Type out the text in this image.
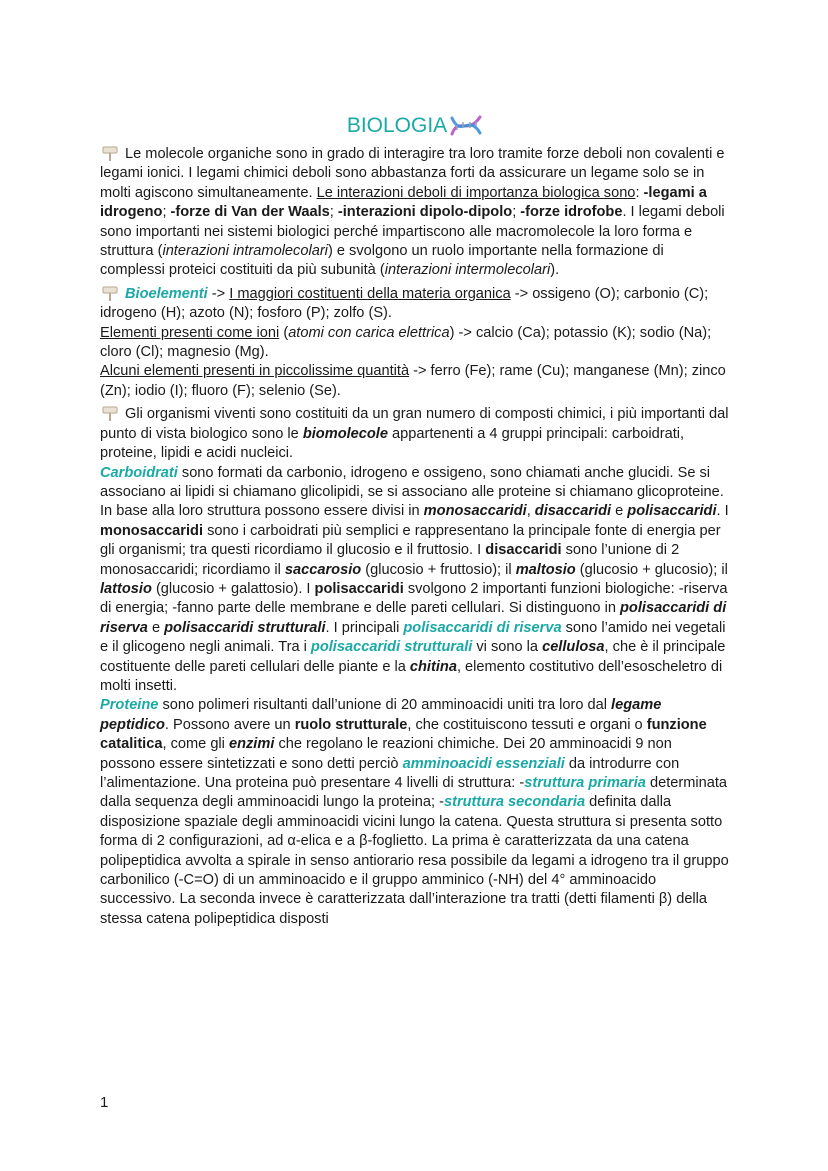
BIOLOGIA
Le molecole organiche sono in grado di interagire tra loro tramite forze deboli non covalenti e legami ionici. I legami chimici deboli sono abbastanza forti da assicurare un legame solo se in molti agiscono simultaneamente. Le interazioni deboli di importanza biologica sono: -legami a idrogeno; -forze di Van der Waals; -interazioni dipolo-dipolo; -forze idrofobe. I legami deboli sono importanti nei sistemi biologici perché impartiscono alle macromolecole la loro forma e struttura (interazioni intramolecolari) e svolgono un ruolo importante nella formazione di complessi proteici costituiti da più subunità (interazioni intermolecolari).
Bioelementi -> I maggiori costituenti della materia organica -> ossigeno (O); carbonio (C); idrogeno (H); azoto (N); fosforo (P); zolfo (S).
Elementi presenti come ioni (atomi con carica elettrica) -> calcio (Ca); potassio (K); sodio (Na); cloro (Cl); magnesio (Mg).
Alcuni elementi presenti in piccolissime quantità -> ferro (Fe); rame (Cu); manganese (Mn); zinco (Zn); iodio (I); fluoro (F); selenio (Se).
Gli organismi viventi sono costituiti da un gran numero di composti chimici, i più importanti dal punto di vista biologico sono le biomolecole appartenenti a 4 gruppi principali: carboidrati, proteine, lipidi e acidi nucleici.
Carboidrati sono formati da carbonio, idrogeno e ossigeno, sono chiamati anche glucidi. Se si associano ai lipidi si chiamano glicolipidi, se si associano alle proteine si chiamano glicoproteine. In base alla loro struttura possono essere divisi in monosaccaridi, disaccaridi e polisaccaridi. I monosaccaridi sono i carboidrati più semplici e rappresentano la principale fonte di energia per gli organismi; tra questi ricordiamo il glucosio e il fruttosio. I disaccaridi sono l’unione di 2 monosaccaridi; ricordiamo il saccarosio (glucosio + fruttosio); il maltosio (glucosio + glucosio); il lattosio (glucosio + galattosio). I polisaccaridi svolgono 2 importanti funzioni biologiche: -riserva di energia; -fanno parte delle membrane e delle pareti cellulari. Si distinguono in polisaccaridi di riserva e polisaccaridi strutturali. I principali polisaccaridi di riserva sono l’amido nei vegetali e il glicogeno negli animali. Tra i polisaccaridi strutturali vi sono la cellulosa, che è il principale costituente delle pareti cellulari delle piante e la chitina, elemento costitutivo dell’esoscheletro di molti insetti.
Proteine sono polimeri risultanti dall’unione di 20 amminoacidi uniti tra loro dal legame peptidico. Possono avere un ruolo strutturale, che costituiscono tessuti e organi o funzione catalitica, come gli enzimi che regolano le reazioni chimiche. Dei 20 amminoacidi 9 non possono essere sintetizzati e sono detti perciò amminoacidi essenziali da introdurre con l’alimentazione. Una proteina può presentare 4 livelli di struttura: -struttura primaria determinata dalla sequenza degli amminoacidi lungo la proteina; -struttura secondaria definita dalla disposizione spaziale degli amminoacidi vicini lungo la catena. Questa struttura si presenta sotto forma di 2 configurazioni, ad α-elica e a β-foglietto. La prima è caratterizzata da una catena polipeptidica avvolta a spirale in senso antiorario resa possibile da legami a idrogeno tra il gruppo carbonilico (-C=O) di un amminoacido e il gruppo amminico (-NH) del 4° amminoacido successivo. La seconda invece è caratterizzata dall’interazione tra tratti (detti filamenti β) della stessa catena polipeptidica disposti
1
